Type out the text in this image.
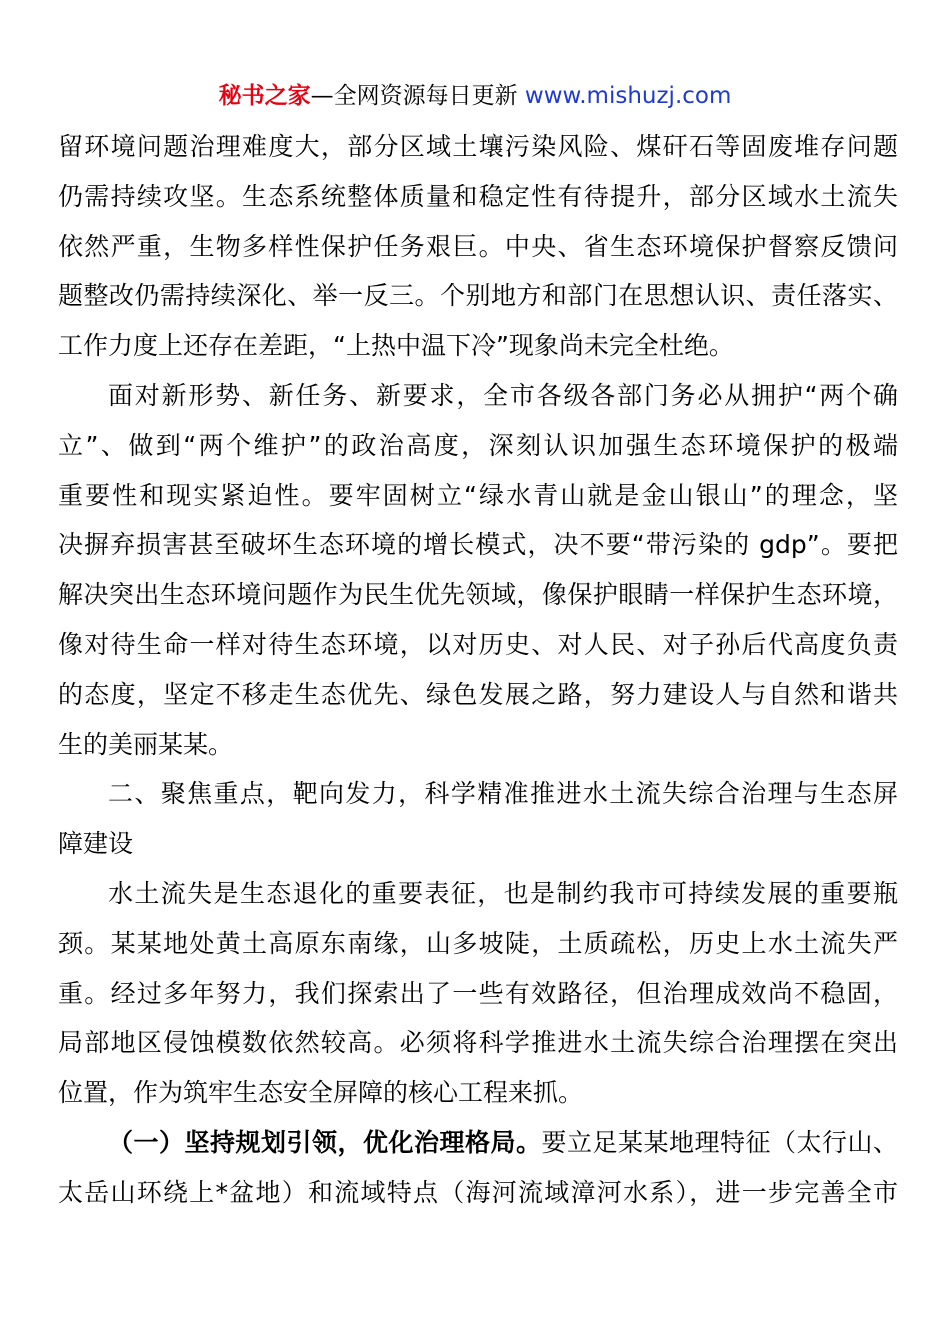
秘书之家—全网资源每日更新 www.mishuzj.com
留环境问题治理难度大，部分区域土壤污染风险、煤矸石等固废堆存问题
仍需持续攻坚。生态系统整体质量和稳定性有待提升，部分区域水土流失
依然严重，生物多样性保护任务艰巨。中央、省生态环境保护督察反馈问
题整改仍需持续深化、举一反三。个别地方和部门在思想认识、责任落实、
工作力度上还存在差距，“上热中温下冷”现象尚未完全杜绝。
面对新形势、新任务、新要求，全市各级各部门务必从拥护“两个确
立”、做到“两个维护”的政治高度，深刻认识加强生态环境保护的极端
重要性和现实紧迫性。要牢固树立“绿水青山就是金山银山”的理念，坚
决摒弃损害甚至破坏生态环境的增长模式，决不要“带污染的 gdp”。要把
解决突出生态环境问题作为民生优先领域，像保护眼睛一样保护生态环境，
像对待生命一样对待生态环境，以对历史、对人民、对子孙后代高度负责
的态度，坚定不移走生态优先、绿色发展之路，努力建设人与自然和谐共
生的美丽某某。
二、聚焦重点，靶向发力，科学精准推进水土流失综合治理与生态屏
障建设
水土流失是生态退化的重要表征，也是制约我市可持续发展的重要瓶
颈。某某地处黄土高原东南缘，山多坡陡，土质疏松，历史上水土流失严
重。经过多年努力，我们探索出了一些有效路径，但治理成效尚不稳固，
局部地区侵蚀模数依然较高。必须将科学推进水土流失综合治理摆在突出
位置，作为筑牢生态安全屏障的核心工程来抓。
（一）坚持规划引领，优化治理格局。要立足某某地理特征（太行山、
太岳山环绕上*盆地）和流域特点（海河流域漳河水系），进一步完善全市
